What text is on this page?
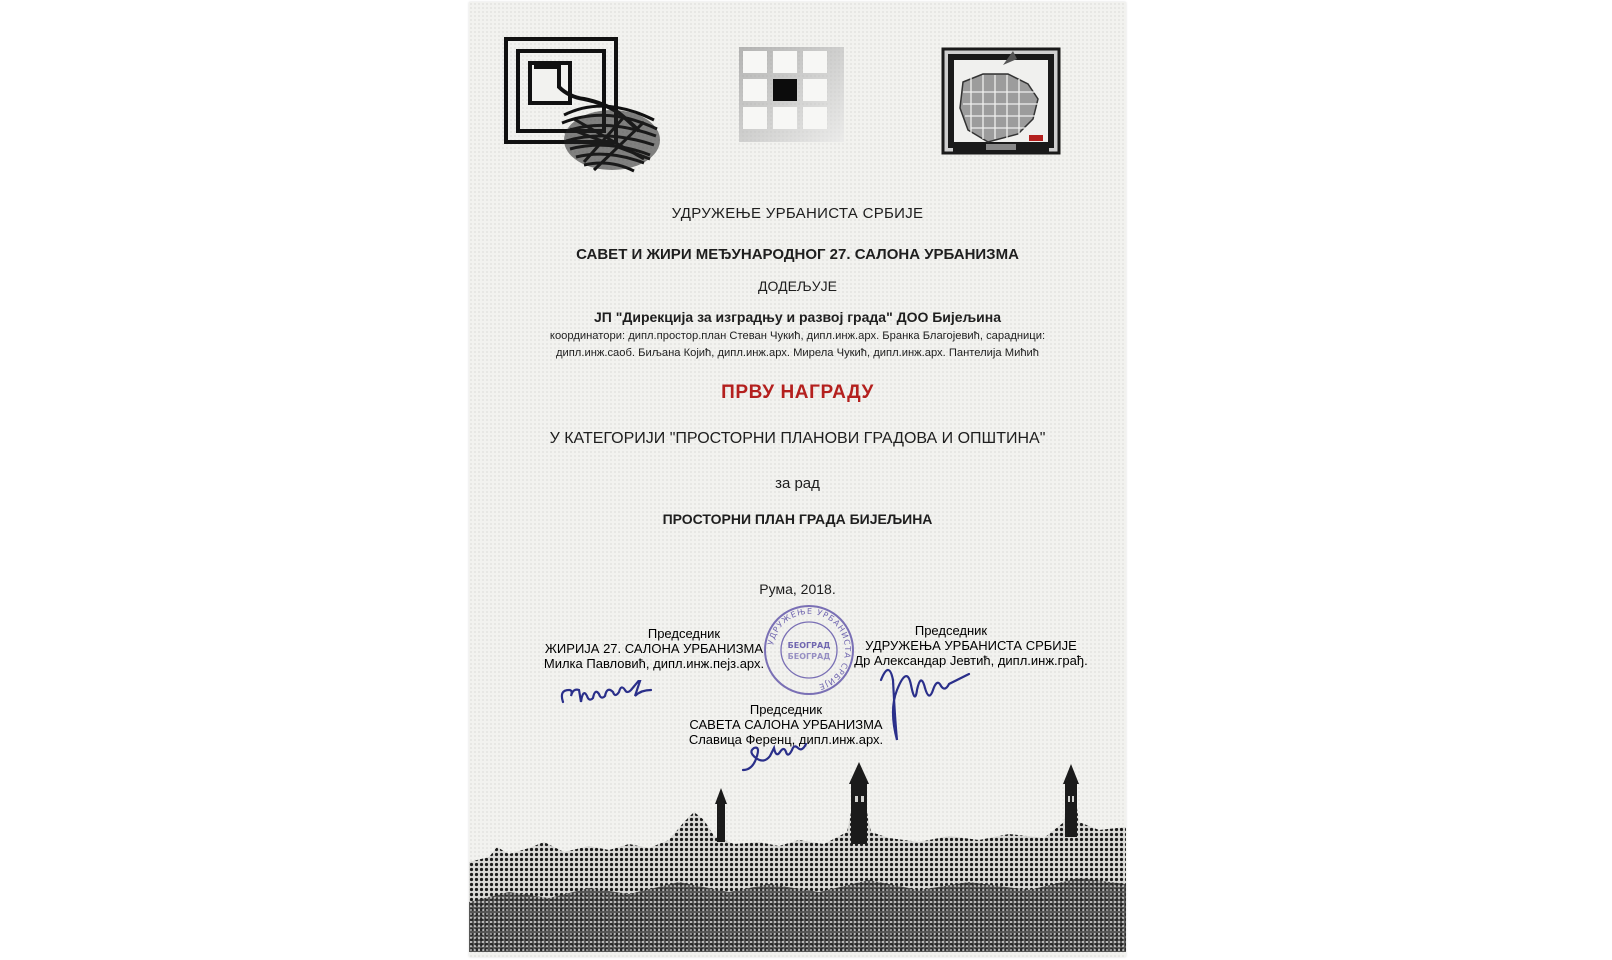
УДРУЖЕЊЕ УРБАНИСТА СРБИЈЕ
САВЕТ И ЖИРИ МЕЂУНАРОДНОГ 27. САЛОНА УРБАНИЗМА
ДОДЕЉУЈЕ
ЈП "Дирекција за изградњу и развој града" ДОО Бијељина
координатори: дипл.простор.план Стеван Чукић, дипл.инж.арх. Бранка Благојевић, сарадници:
дипл.инж.сaоб. Биљана Којић, дипл.инж.арх. Мирела Чукић, дипл.инж.арх. Пантелија Мићић
ПРВУ НАГРАДУ
У КАТЕГОРИЈИ "ПРОСТОРНИ ПЛАНОВИ ГРАДОВА И ОПШТИНА"
за рад
ПРОСТОРНИ ПЛАН ГРАДА БИЈЕЉИНА
Рума, 2018.
Председник
ЖИРИЈА 27. САЛОНА УРБАНИЗМА
Милка Павловић, дипл.инж.пејз.арх.
Председник
УДРУЖЕЊА УРБАНИСТА СРБИЈЕ
Др Александар Јевтић, дипл.инж.грађ.
Председник
САВЕТА САЛОНА УРБАНИЗМА
Славица Ференц, дипл.инж.арх.
УДРУЖЕЊЕ УРБАНИСТА СРБИЈЕ
БЕОГРАД
БЕОГРАД
